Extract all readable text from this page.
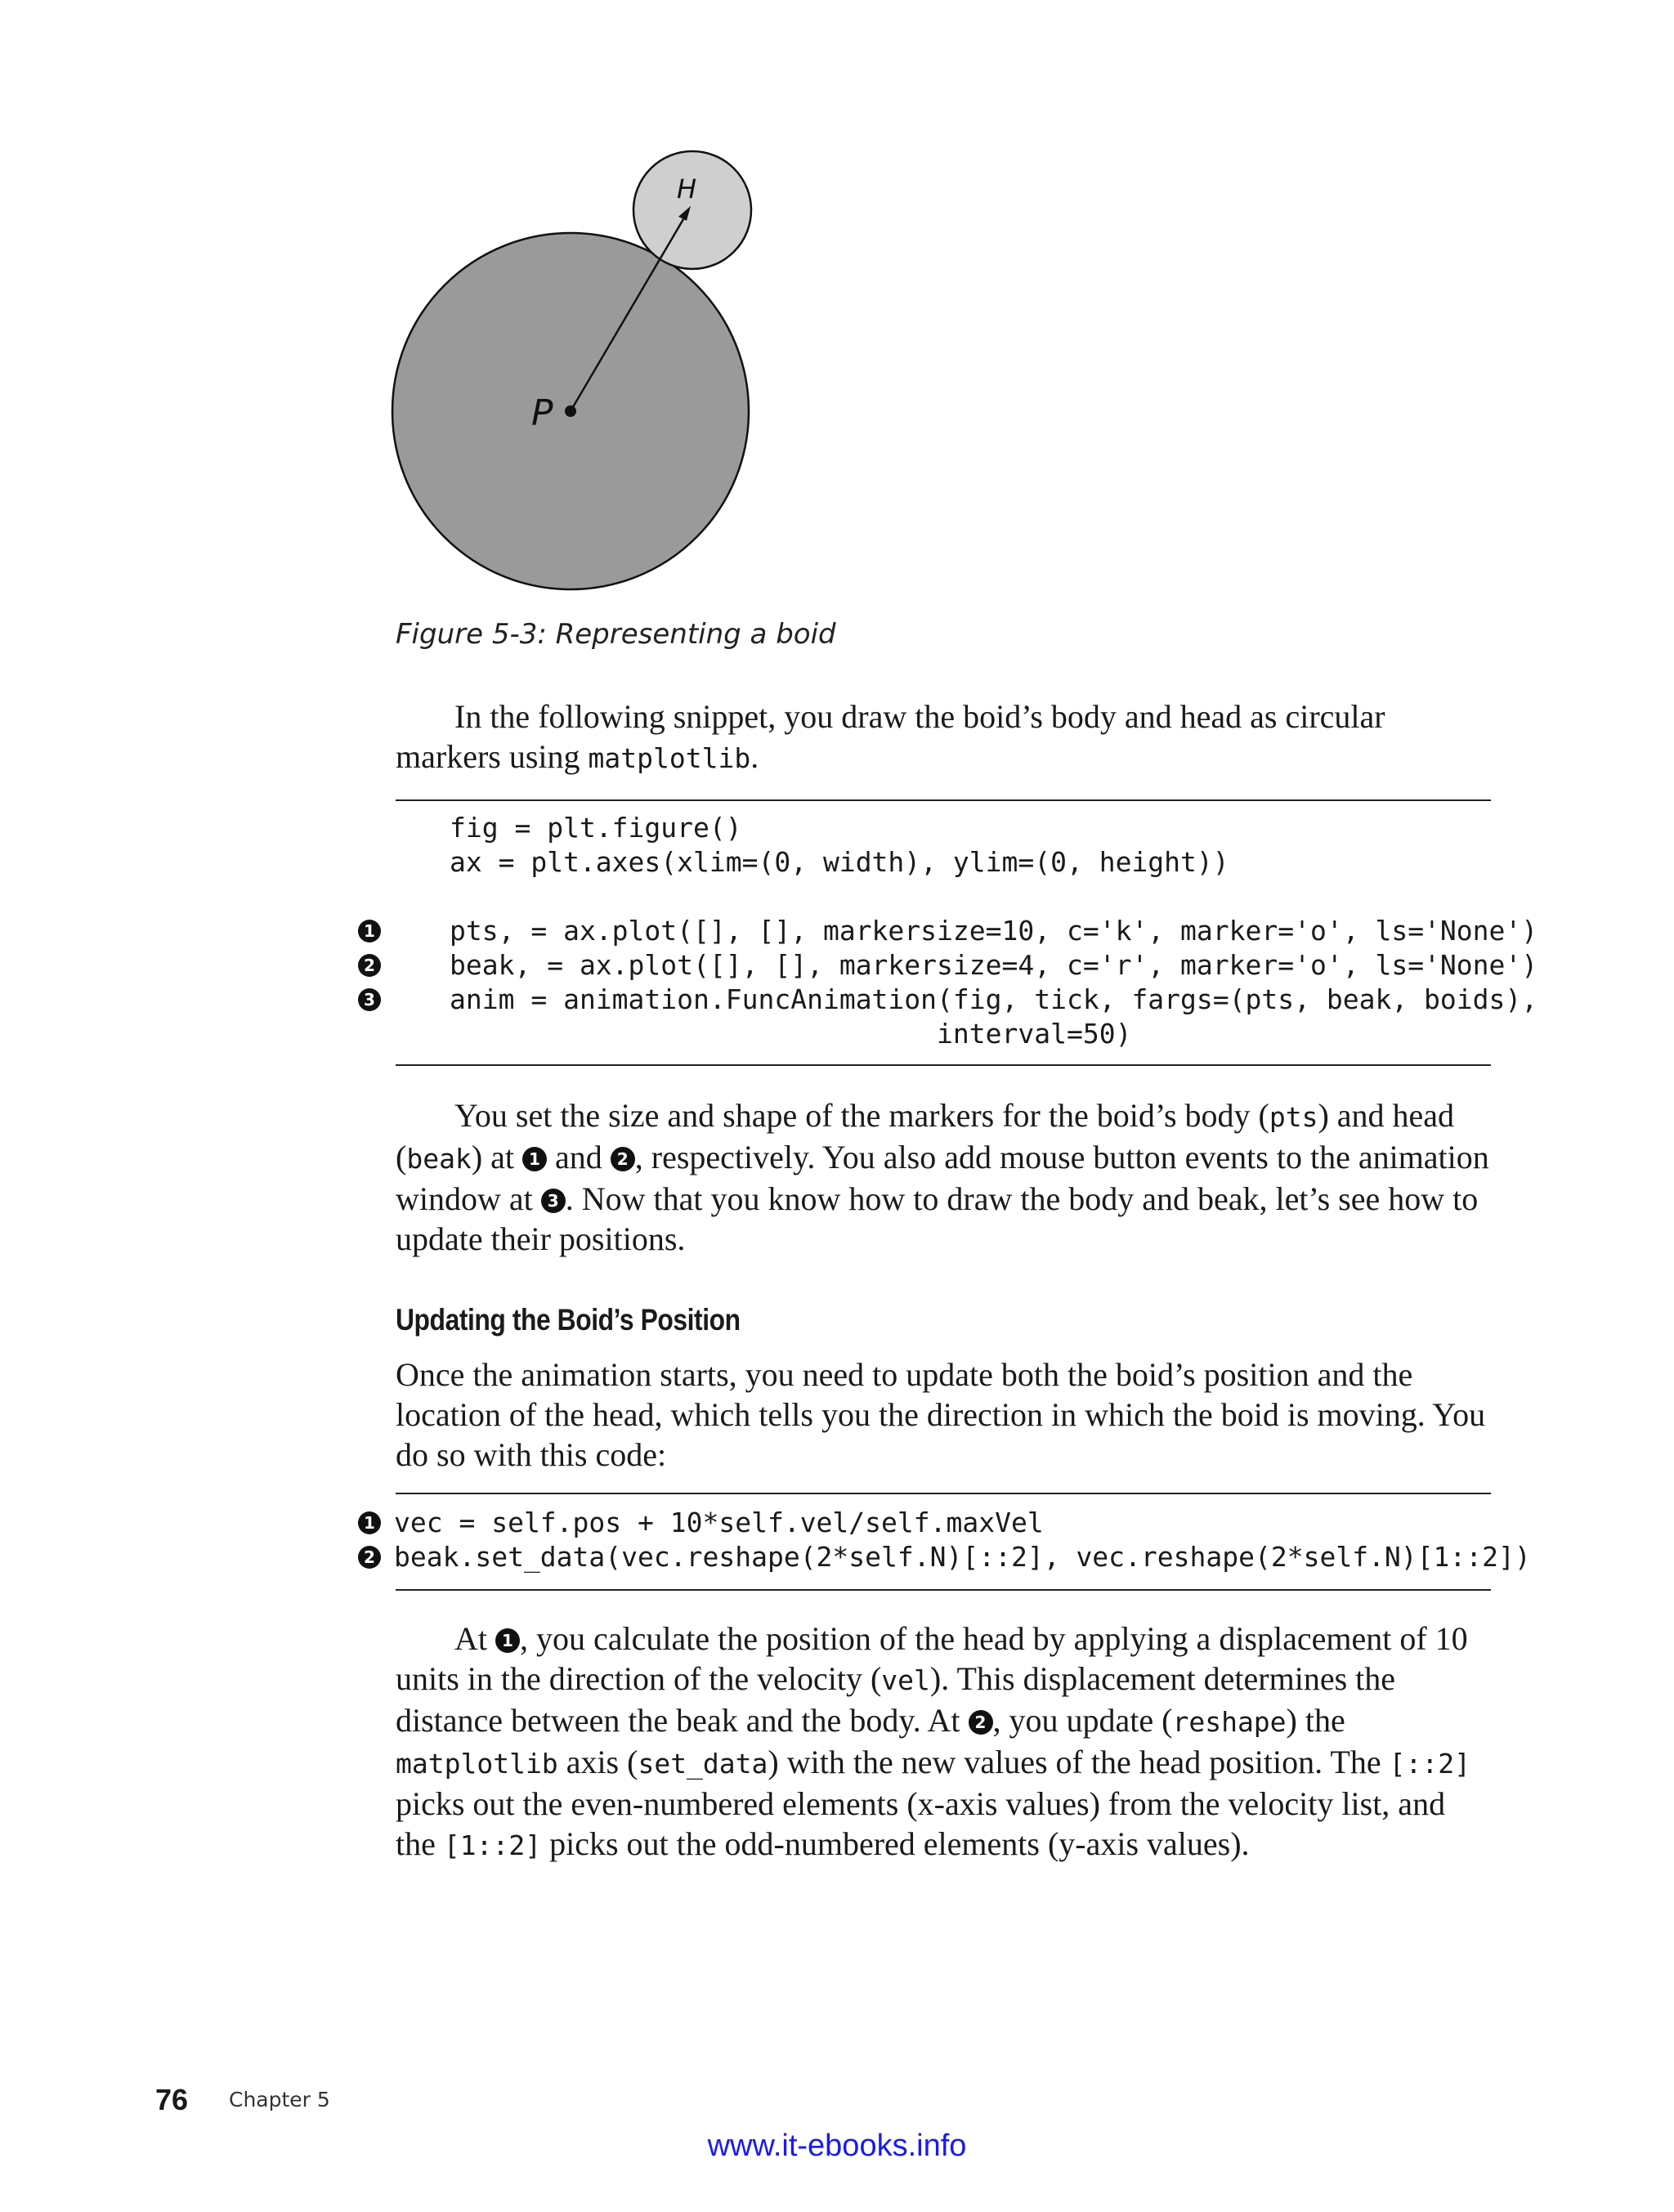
H
P
Figure 5-3: Representing a boid

In the following snippet, you draw the boid’s body and head as circular markers using matplotlib.

fig = plt.figure()
ax = plt.axes(xlim=(0, width), ylim=(0, height))
1	pts, = ax.plot([], [], markersize=10, c='k', marker='o', ls='None')
2	beak, = ax.plot([], [], markersize=4, c='r', marker='o', ls='None')
3	anim = animation.FuncAnimation(fig, tick, fargs=(pts, beak, boids),
interval=50)

You set the size and shape of the markers for the boid’s body (pts) and head (beak) at 1 and 2 , respectively. You also add mouse button events to the animation window at 3 . Now that you know how to draw the body and beak, let’s see how to update their positions.

Updating the Boid’s Position

Once the animation starts, you need to update both the boid’s position and the location of the head, which tells you the direction in which the boid is moving. You do so with this code:

1 vec = self.pos + 10*self.vel/self.maxVel
2 beak.set_data(vec.reshape(2*self.N)[::2], vec.reshape(2*self.N)[1::2])

At 1 , you calculate the position of the head by applying a displacement of 10 units in the direction of the velocity (vel). This displacement determines the distance between the beak and the body. At 2 , you update (reshape) the matplotlib axis (set_data) with the new values of the head position. The [::2] picks out the even-numbered elements (x-axis values) from the velocity list, and the [1::2] picks out the odd-numbered elements (y-axis values).

76 Chapter 5
www.it-ebooks.info
